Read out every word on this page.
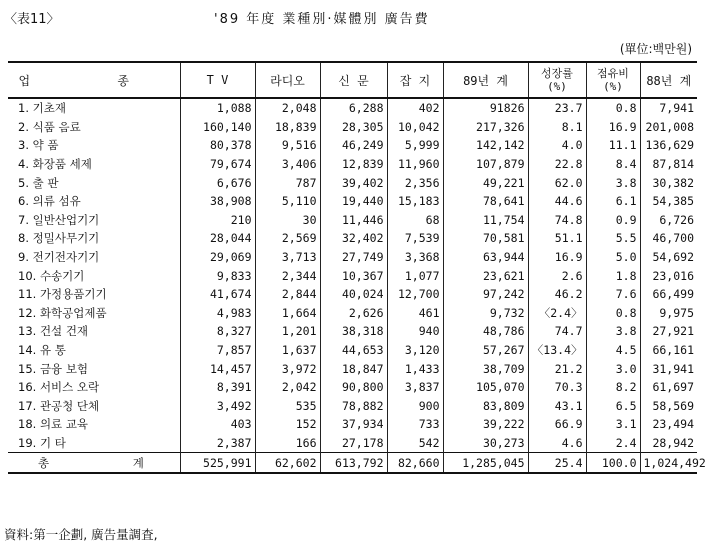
〈表11〉	'89 年度 業種別·媒體別 廣告費
(單位:백만원)
업 종	T V	라디오	신 문	잡 지	89년 계	성장률 (%)	점유비 (%)	88년 계
1. 기초재	1,088	2,048	6,288	402	91826	23.7	0.8	7,941
2. 식품 음료	160,140	18,839	28,305	10,042	217,326	8.1	16.9	201,008
3. 약 품	80,378	9,516	46,249	5,999	142,142	4.0	11.1	136,629
4. 화장품 세제	79,674	3,406	12,839	11,960	107,879	22.8	8.4	87,814
5. 출 판	6,676	787	39,402	2,356	49,221	62.0	3.8	30,382
6. 의류 섬유	38,908	5,110	19,440	15,183	78,641	44.6	6.1	54,385
7. 일반산업기기	210	30	11,446	68	11,754	74.8	0.9	6,726
8. 정밀사무기기	28,044	2,569	32,402	7,539	70,581	51.1	5.5	46,700
9. 전기전자기기	29,069	3,713	27,749	3,368	63,944	16.9	5.0	54,692
10. 수송기기	9,833	2,344	10,367	1,077	23,621	2.6	1.8	23,016
11. 가정용품기기	41,674	2,844	40,024	12,700	97,242	46.2	7.6	66,499
12. 화학공업제품	4,983	1,664	2,626	461	9,732	〈2.4〉	0.8	9,975
13. 건설 건재	8,327	1,201	38,318	940	48,786	74.7	3.8	27,921
14. 유 통	7,857	1,637	44,653	3,120	57,267	〈13.4〉	4.5	66,161
15. 금융 보험	14,457	3,972	18,847	1,433	38,709	21.2	3.0	31,941
16. 서비스 오락	8,391	2,042	90,800	3,837	105,070	70.3	8.2	61,697
17. 관공청 단체	3,492	535	78,882	900	83,809	43.1	6.5	58,569
18. 의료 교육	403	152	37,934	733	39,222	66.9	3.1	23,494
19. 기 타	2,387	166	27,178	542	30,273	4.6	2.4	28,942
총 계	525,991	62,602	613,792	82,660	1,285,045	25.4	100.0	1,024,492
資料:第一企劃, 廣告量調査,
